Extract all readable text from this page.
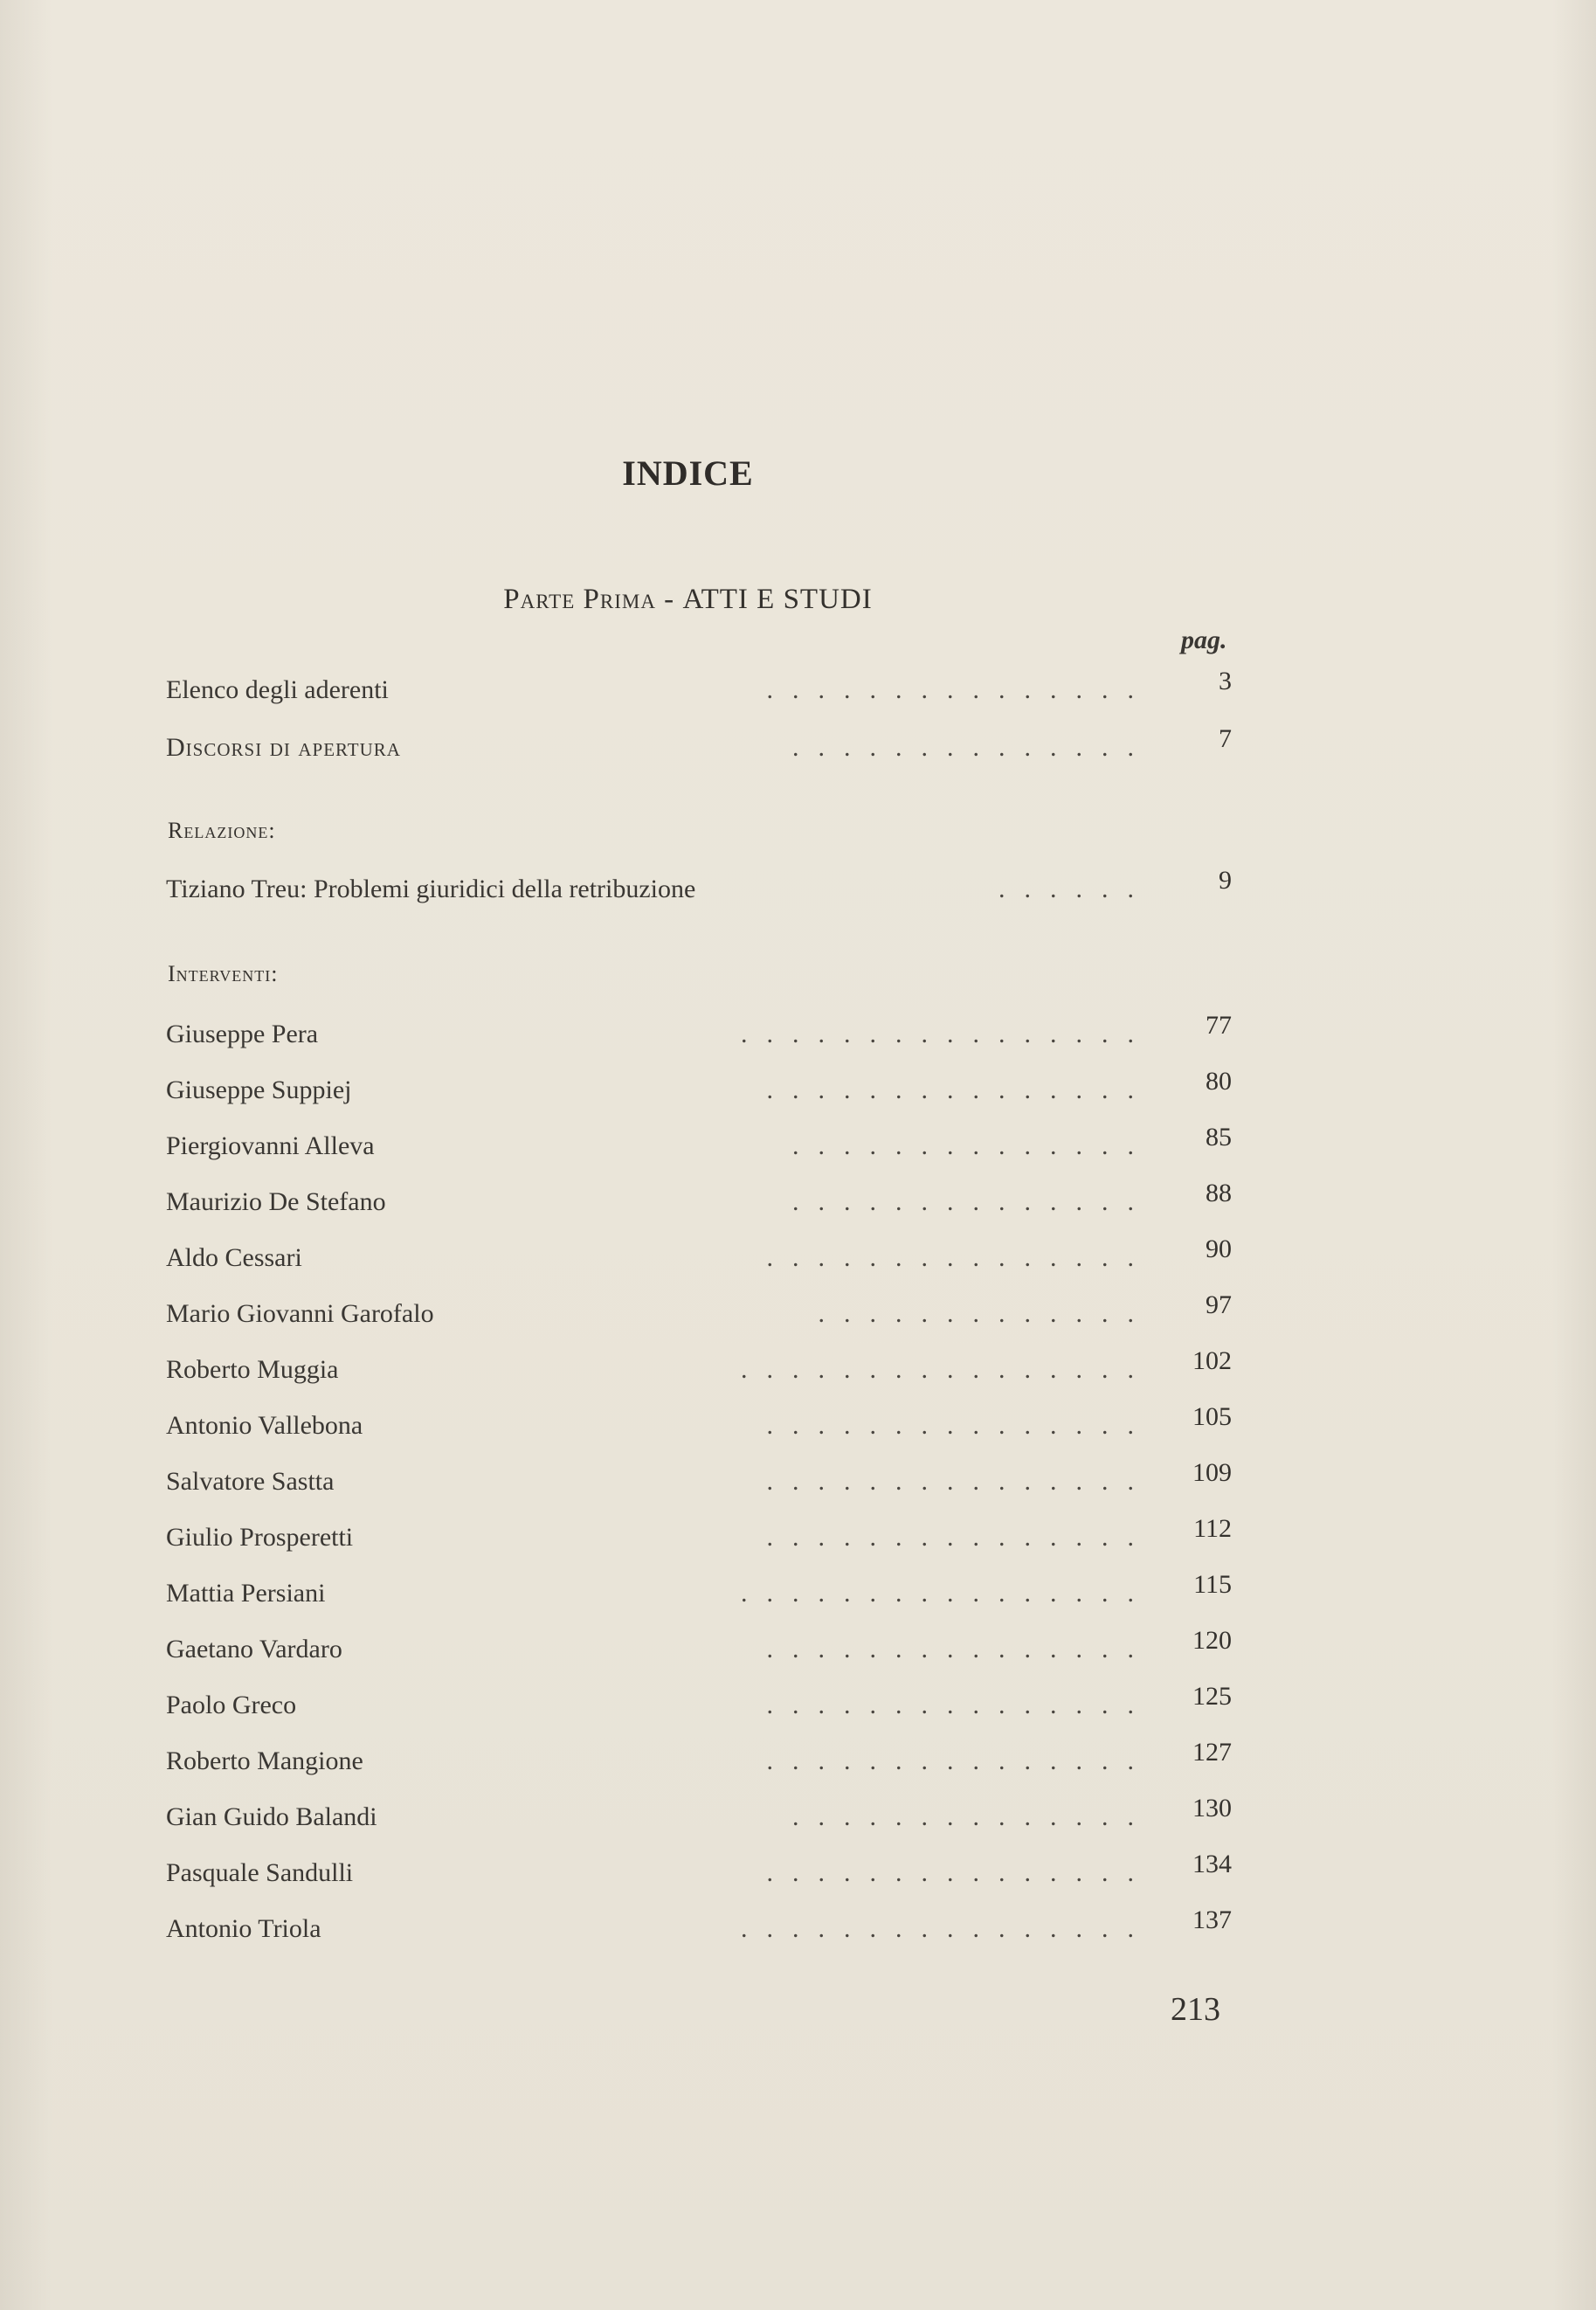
INDICE
Parte Prima - ATTI E STUDI
pag.
Elenco degli aderenti	...............	3
Discorsi di apertura	..............	7
Relazione:
Tiziano Treu: Problemi giuridici della retribuzione	......	9
Interventi:
Giuseppe Pera	................	77
Giuseppe Suppiej	...............	80
Piergiovanni Alleva	..............	85
Maurizio De Stefano	..............	88
Aldo Cessari	...............	90
Mario Giovanni Garofalo	.............	97
Roberto Muggia	................	102
Antonio Vallebona	...............	105
Salvatore Sastta	...............	109
Giulio Prosperetti	...............	112
Mattia Persiani	................	115
Gaetano Vardaro	...............	120
Paolo Greco	...............	125
Roberto Mangione	...............	127
Gian Guido Balandi	..............	130
Pasquale Sandulli	...............	134
Antonio Triola	................	137
213
